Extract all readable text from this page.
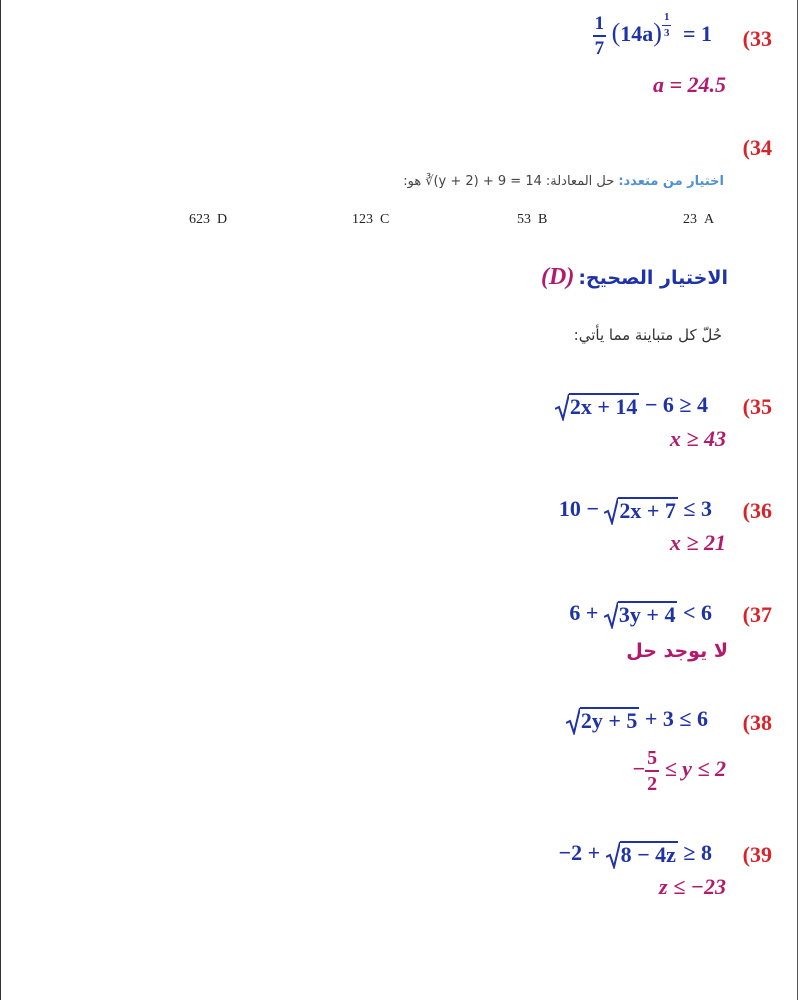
(33
$\frac{1}{7} (14a) \frac{1}{3} = 1$
a = 24.5
(34
اختيار من متعدد: حل المعادلة: ∛(y + 2) + 9 = 14 هو:
23 A
53 B
123 C
623 D
الاختيار الصحيح: (D)
حُلّ كل متباينة مما يأتي:
(35
2x + 14 − 6 ≥ 4
x ≥ 43
(36
10 − 2x + 7 ≤ 3
x ≥ 21
(37
6 + 3y + 4 < 6
لا يوجد حل
(38
2y + 5 + 3 ≤ 6
− $\frac{5}{2} \le y \le 2$
(39
−2 + 8 − 4z ≥ 8
z ≤ −23
